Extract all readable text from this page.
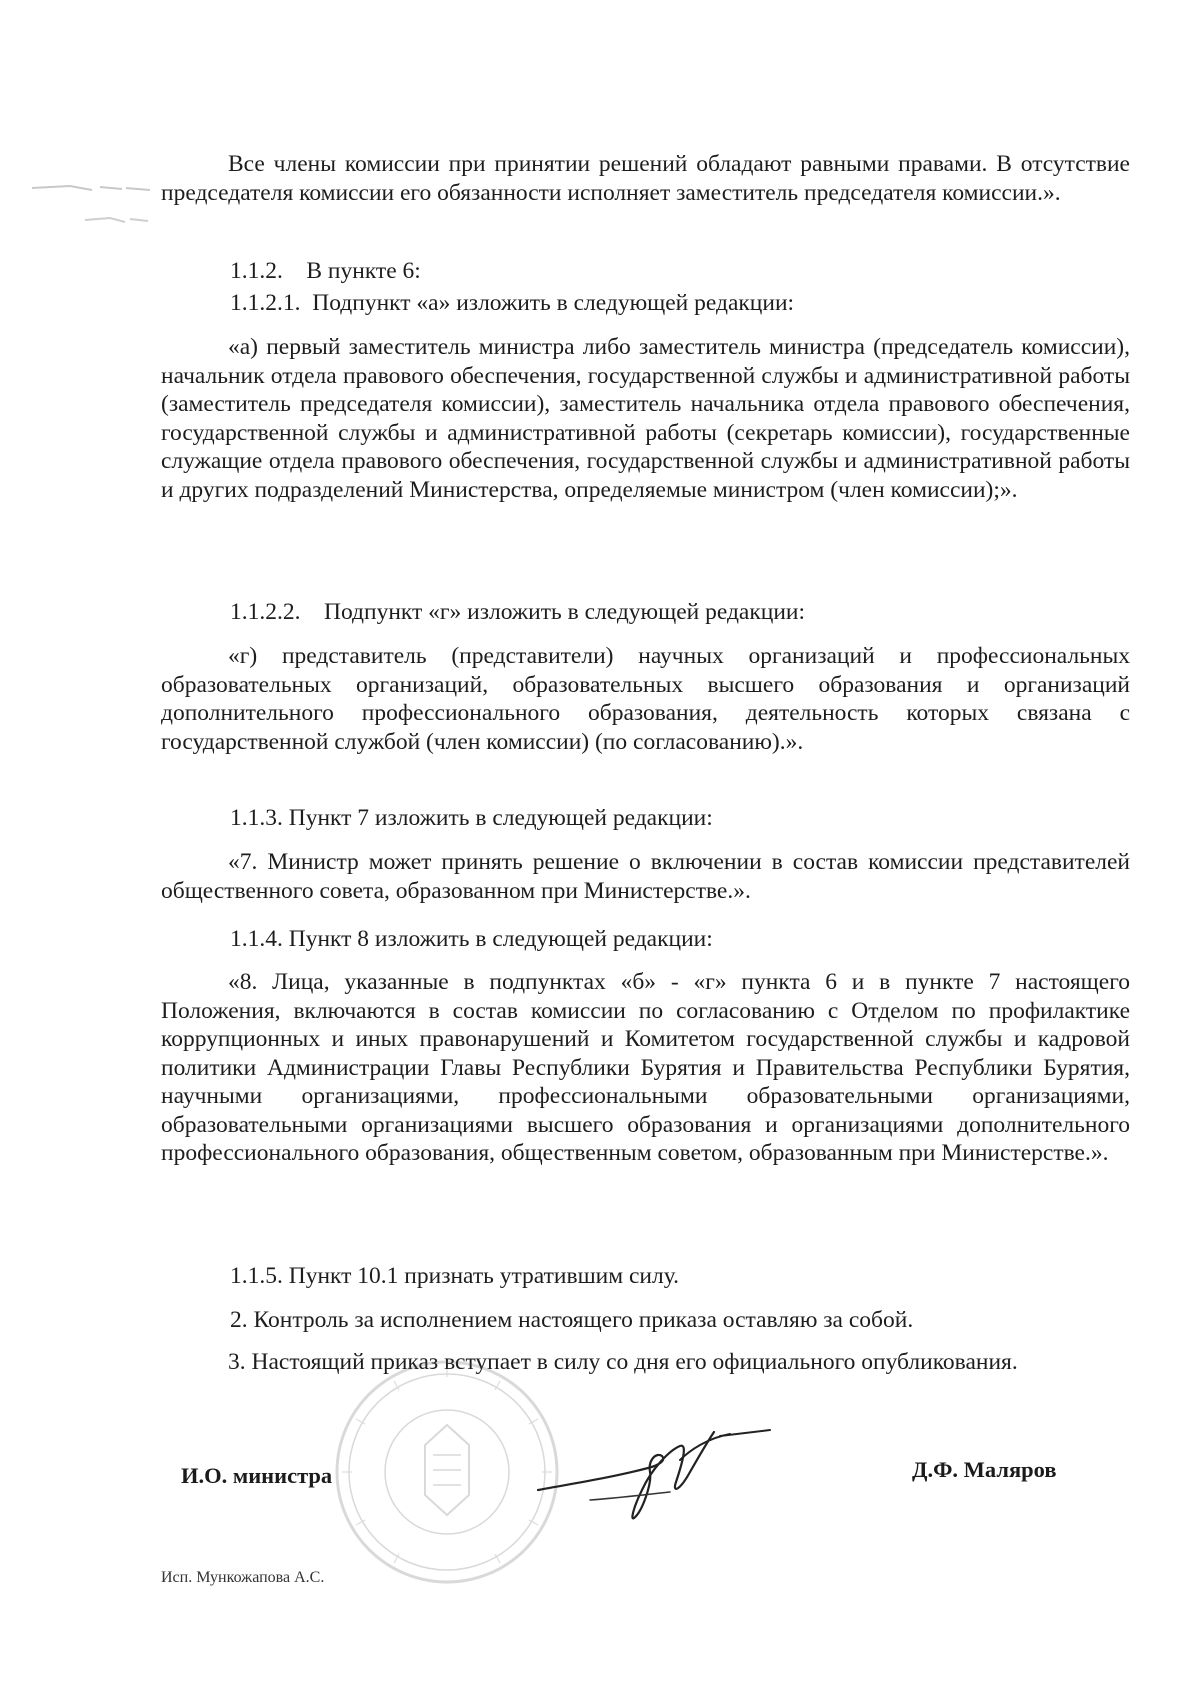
Все члены комиссии при принятии решений обладают равными правами. В отсутствие председателя комиссии его обязанности исполняет заместитель председателя комиссии.».

1.1.2. В пункте 6:

1.1.2.1. Подпункт «а» изложить в следующей редакции:

«а) первый заместитель министра либо заместитель министра (председатель комиссии), начальник отдела правового обеспечения, государственной службы и административной работы (заместитель председателя комиссии), заместитель начальника отдела правового обеспечения, государственной службы и административной работы (секретарь комиссии), государственные служащие отдела правового обеспечения, государственной службы и административной работы и других подразделений Министерства, определяемые министром (член комиссии);».

1.1.2.2. Подпункт «г» изложить в следующей редакции:

«г) представитель (представители) научных организаций и профессиональных образовательных организаций, образовательных высшего образования и организаций дополнительного профессионального образования, деятельность которых связана с государственной службой (член комиссии) (по согласованию).».

1.1.3. Пункт 7 изложить в следующей редакции:

«7. Министр может принять решение о включении в состав комиссии представителей общественного совета, образованном при Министерстве.».

1.1.4. Пункт 8 изложить в следующей редакции:

«8. Лица, указанные в подпунктах «б» - «г» пункта 6 и в пункте 7 настоящего Положения, включаются в состав комиссии по согласованию с Отделом по профилактике коррупционных и иных правонарушений и Комитетом государственной службы и кадровой политики Администрации Главы Республики Бурятия и Правительства Республики Бурятия, научными организациями, профессиональными образовательными организациями, образовательными организациями высшего образования и организациями дополнительного профессионального образования, общественным советом, образованным при Министерстве.».

1.1.5. Пункт 10.1 признать утратившим силу.

2. Контроль за исполнением настоящего приказа оставляю за собой.

3. Настоящий приказ вступает в силу со дня его официального опубликования.

И.О. министра	Д.Ф. Маляров
Исп. Мункожапова А.С.
